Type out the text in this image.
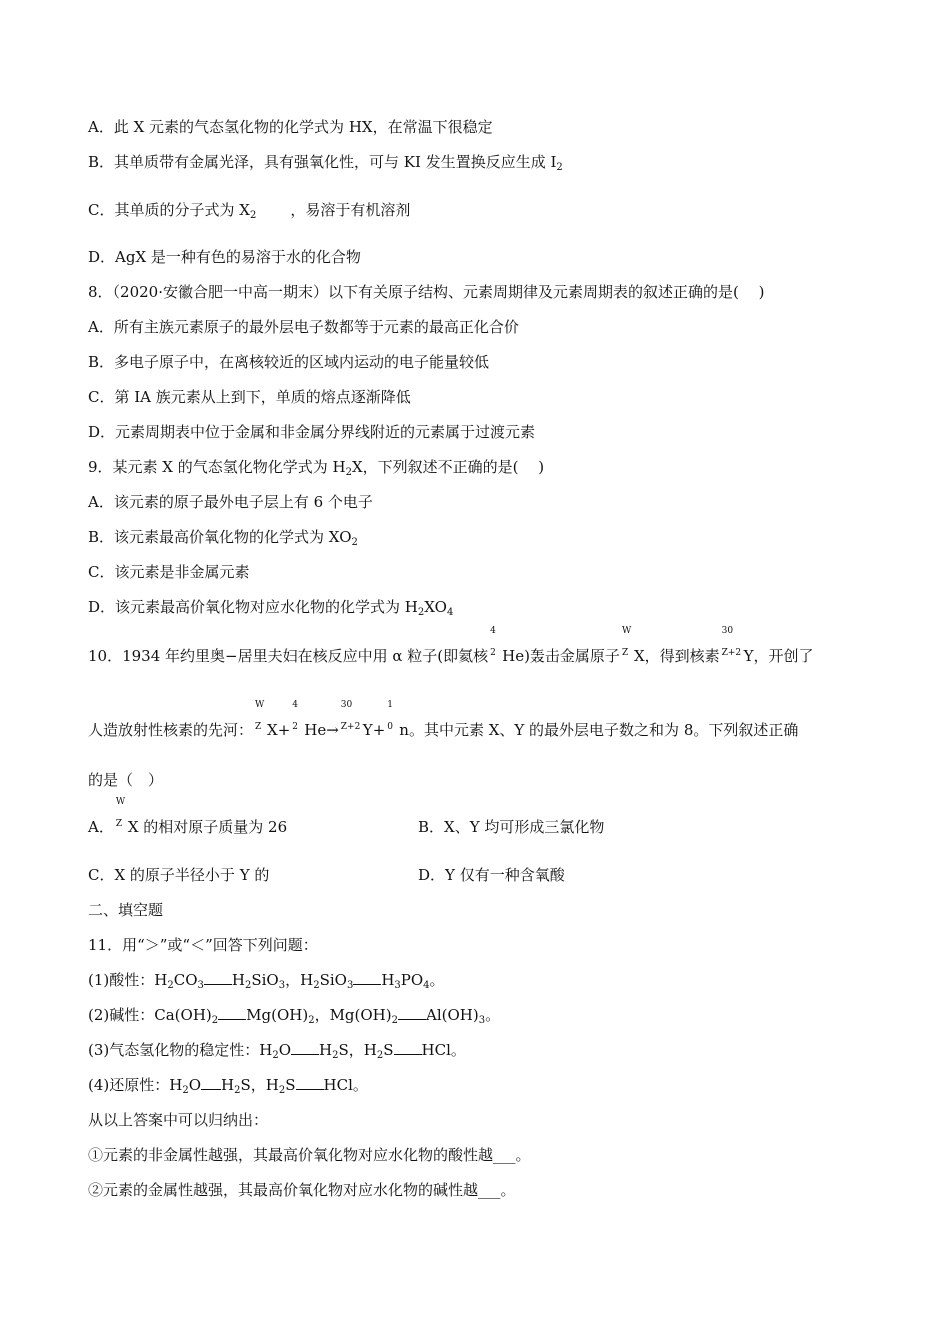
A．此 X 元素的气态氢化物的化学式为 HX，在常温下很稳定
B．其单质带有金属光泽，具有强氧化性，可与 KI 发生置换反应生成 $I_2$
C．其单质的分子式为 $X_2$ ，易溶于有机溶剂
D．AgX 是一种有色的易溶于水的化合物
8．（2020·安徽合肥一中高一期末）以下有关原子结构、元素周期律及元素周期表的叙述正确的是(　 )
A．所有主族元素原子的最外层电子数都等于元素的最高正化合价
B．多电子原子中，在离核较近的区域内运动的电子能量较低
C．第 IA 族元素从上到下，单质的熔点逐渐降低
D．元素周期表中位于金属和非金属分界线附近的元素属于过渡元素
9．某元素 X 的气态氢化物化学式为 $H_2X$，下列叙述不正确的是(　 )
A．该元素的原子最外电子层上有 6 个电子
B．该元素最高价氧化物的化学式为 $XO_2$
C．该元素是非金属元素
D．该元素最高价氧化物对应水化物的化学式为 $H_2XO_4$
10．1934 年约里奥−居里夫妇在核反应中用 α 粒子(即氦核
4
2 He)轰击金属原子
W
Z X，得到核素
30
Z+2 Y，开创了
人造放射性核素的先河：
W
Z X+
4
2 He→
30
Z+2 Y+
1
0 n。其中元素 X、Y 的最外层电子数之和为 8。下列叙述正确
的是（　）
A．
W
Z X 的相对原子质量为 26	B．X、Y 均可形成三氯化物
C．X 的原子半径小于 Y 的	D．Y 仅有一种含氧酸
二、填空题
11．用“＞”或“＜”回答下列问题：
(1)酸性：$H_2CO_3$ $H_2SiO_3$，$H_2SiO_3$ $H_3PO_4$。
(2)碱性：$Ca(OH)_2$ $Mg(OH)_2$，$Mg(OH)_2$ $Al(OH)_3$。
(3)气态氢化物的稳定性：$H_2O$ $H_2S$，$H_2S$ HCl。
(4)还原性：$H_2O$ $H_2S$，$H_2S$ HCl。
从以上答案中可以归纳出：
①元素的非金属性越强，其最高价氧化物对应水化物的酸性越___。
②元素的金属性越强，其最高价氧化物对应水化物的碱性越___。
